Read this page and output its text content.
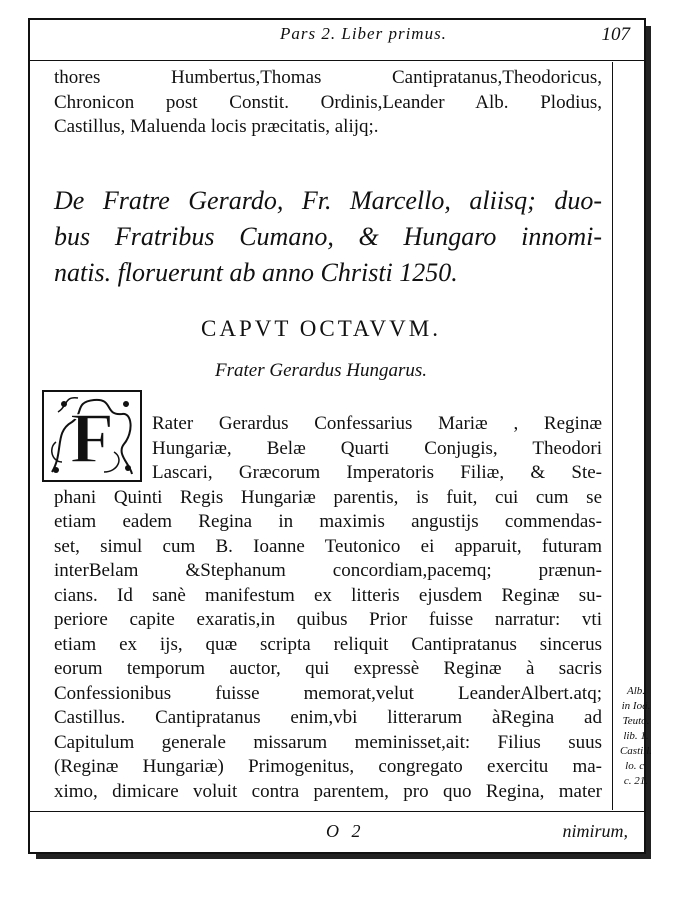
Pars 2. Liber primus.	107
thores Humbertus,Thomas Cantipratanus,Theodoricus,
Chronicon post Constit. Ordinis,Leander Alb. Plodius,
Castillus, Maluenda locis præcitatis, alijq;.
De Fratre Gerardo, Fr. Marcello, aliisq; duo-
bus Fratribus Cumano, & Hungaro innomi-
natis. floruerunt ab anno Christi 1250.
CAPVT OCTAVVM.
Frater Gerardus Hungarus.
F	Rater Gerardus Confessarius Mariæ , Reginæ
Hungariæ, Belæ Quarti Conjugis, Theodori
Lascari, Græcorum Imperatoris Filiæ, & Ste-
phani Quinti Regis Hungariæ parentis, is fuit, cui cum se
etiam eadem Regina in maximis angustijs commendas-
set, simul cum B. Ioanne Teutonico ei apparuit, futuram
interBelam &Stephanum concordiam,pacemq; prænun-
cians. Id sanè manifestum ex litteris ejusdem Reginæ su-
periore capite exaratis,in quibus Prior fuisse narratur: vti
etiam ex ijs, quæ scripta reliquit Cantipratanus sincerus
eorum temporum auctor, qui expressè Reginæ à sacris
Confessionibus fuisse memorat,velut LeanderAlbert.atq;
Castillus. Cantipratanus enim,vbi litterarum àRegina ad
Capitulum generale missarum meminisset,ait: Filius suus
(Reginæ Hungariæ) Primogenitus, congregato exercitu ma-
ximo, dimicare voluit contra parentem, pro quo Regina, mater
Alb.
in Ioā.
Teuto.
lib. 1.
Castill.
lo. c.
c. 21.
O 2	nimirum,
